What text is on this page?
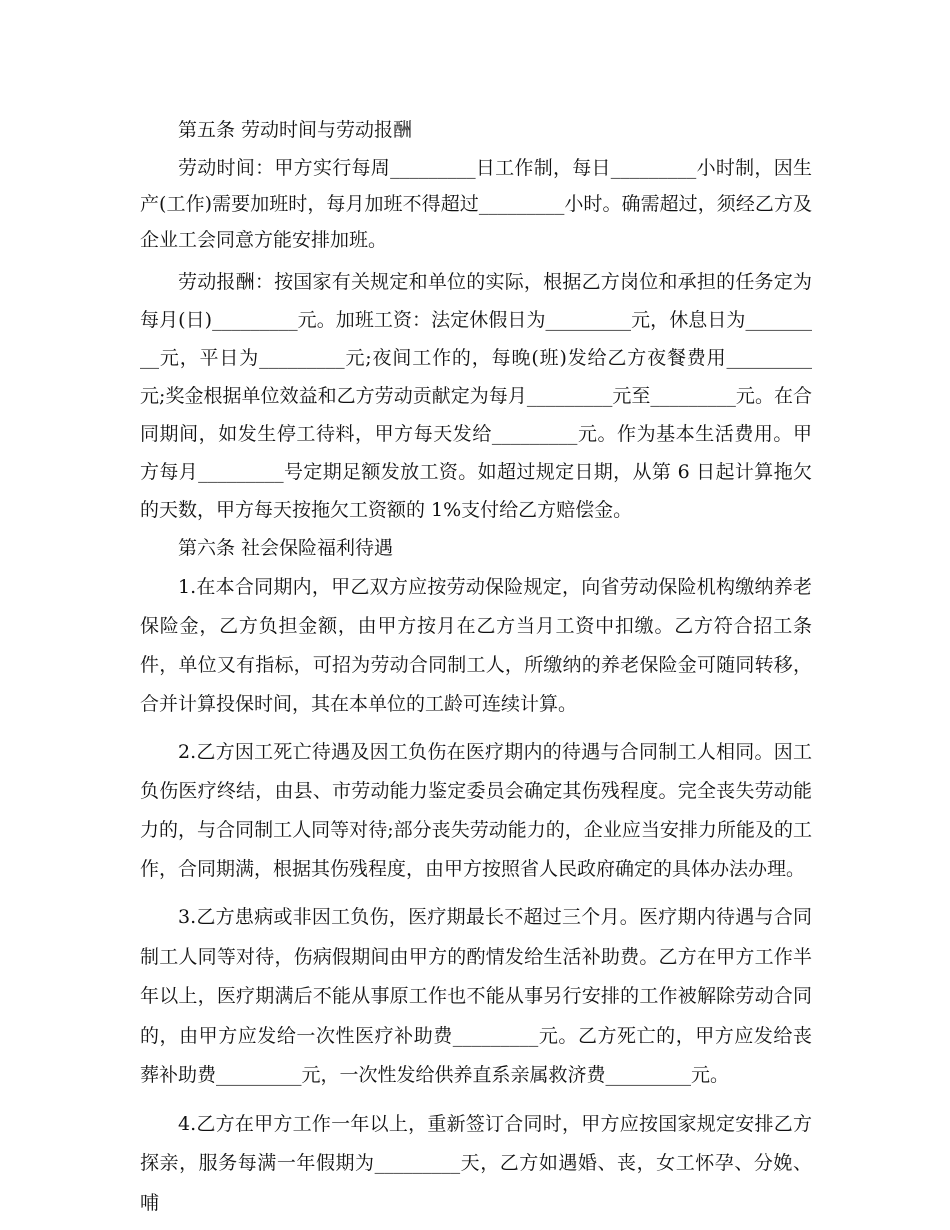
第五条 劳动时间与劳动报酬

劳动时间：甲方实行每周_________日工作制，每日_________小时制，因生产(工作)需要加班时，每月加班不得超过_________小时。确需超过，须经乙方及企业工会同意方能安排加班。

劳动报酬：按国家有关规定和单位的实际，根据乙方岗位和承担的任务定为每月(日)_________元。加班工资：法定休假日为_________元，休息日为_________元，平日为_________元;夜间工作的，每晚(班)发给乙方夜餐费用_________元;奖金根据单位效益和乙方劳动贡献定为每月_________元至_________元。在合同期间，如发生停工待料，甲方每天发给_________元。作为基本生活费用。甲方每月_________号定期足额发放工资。如超过规定日期，从第 6 日起计算拖欠的天数，甲方每天按拖欠工资额的 1%支付给乙方赔偿金。

第六条 社会保险福利待遇

1.在本合同期内，甲乙双方应按劳动保险规定，向省劳动保险机构缴纳养老保险金，乙方负担金额，由甲方按月在乙方当月工资中扣缴。乙方符合招工条件，单位又有指标，可招为劳动合同制工人，所缴纳的养老保险金可随同转移，合并计算投保时间，其在本单位的工龄可连续计算。

2.乙方因工死亡待遇及因工负伤在医疗期内的待遇与合同制工人相同。因工负伤医疗终结，由县、市劳动能力鉴定委员会确定其伤残程度。完全丧失劳动能力的，与合同制工人同等对待;部分丧失劳动能力的，企业应当安排力所能及的工作，合同期满，根据其伤残程度，由甲方按照省人民政府确定的具体办法办理。

3.乙方患病或非因工负伤，医疗期最长不超过三个月。医疗期内待遇与合同制工人同等对待，伤病假期间由甲方的酌情发给生活补助费。乙方在甲方工作半年以上，医疗期满后不能从事原工作也不能从事另行安排的工作被解除劳动合同的，由甲方应发给一次性医疗补助费_________元。乙方死亡的，甲方应发给丧葬补助费_________元，一次性发给供养直系亲属救济费_________元。

4.乙方在甲方工作一年以上，重新签订合同时，甲方应按国家规定安排乙方探亲，服务每满一年假期为_________天，乙方如遇婚、丧，女工怀孕、分娩、哺
